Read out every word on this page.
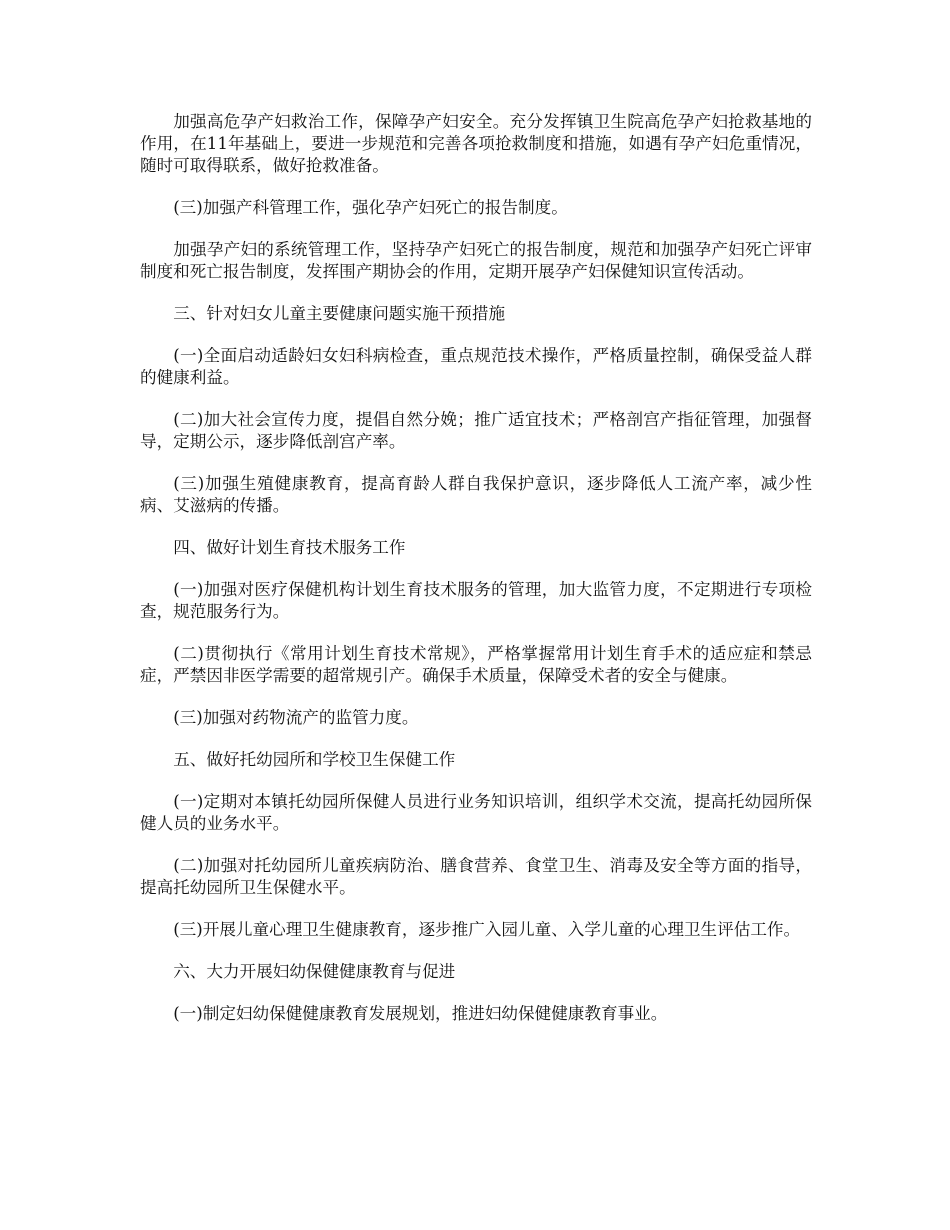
加强高危孕产妇救治工作，保障孕产妇安全。充分发挥镇卫生院高危孕产妇抢救基地的作用，在11年基础上，要进一步规范和完善各项抢救制度和措施，如遇有孕产妇危重情况，随时可取得联系，做好抢救准备。

(三)加强产科管理工作，强化孕产妇死亡的报告制度。

加强孕产妇的系统管理工作，坚持孕产妇死亡的报告制度，规范和加强孕产妇死亡评审制度和死亡报告制度，发挥围产期协会的作用，定期开展孕产妇保健知识宣传活动。

三、针对妇女儿童主要健康问题实施干预措施

(一)全面启动适龄妇女妇科病检查，重点规范技术操作，严格质量控制，确保受益人群的健康利益。

(二)加大社会宣传力度，提倡自然分娩；推广适宜技术；严格剖宫产指征管理，加强督导，定期公示，逐步降低剖宫产率。

(三)加强生殖健康教育，提高育龄人群自我保护意识，逐步降低人工流产率，减少性病、艾滋病的传播。

四、做好计划生育技术服务工作

(一)加强对医疗保健机构计划生育技术服务的管理，加大监管力度，不定期进行专项检查，规范服务行为。

(二)贯彻执行《常用计划生育技术常规》，严格掌握常用计划生育手术的适应症和禁忌症，严禁因非医学需要的超常规引产。确保手术质量，保障受术者的安全与健康。

(三)加强对药物流产的监管力度。

五、做好托幼园所和学校卫生保健工作

(一)定期对本镇托幼园所保健人员进行业务知识培训，组织学术交流，提高托幼园所保健人员的业务水平。

(二)加强对托幼园所儿童疾病防治、膳食营养、食堂卫生、消毒及安全等方面的指导，提高托幼园所卫生保健水平。

(三)开展儿童心理卫生健康教育，逐步推广入园儿童、入学儿童的心理卫生评估工作。

六、大力开展妇幼保健健康教育与促进

(一)制定妇幼保健健康教育发展规划，推进妇幼保健健康教育事业。
